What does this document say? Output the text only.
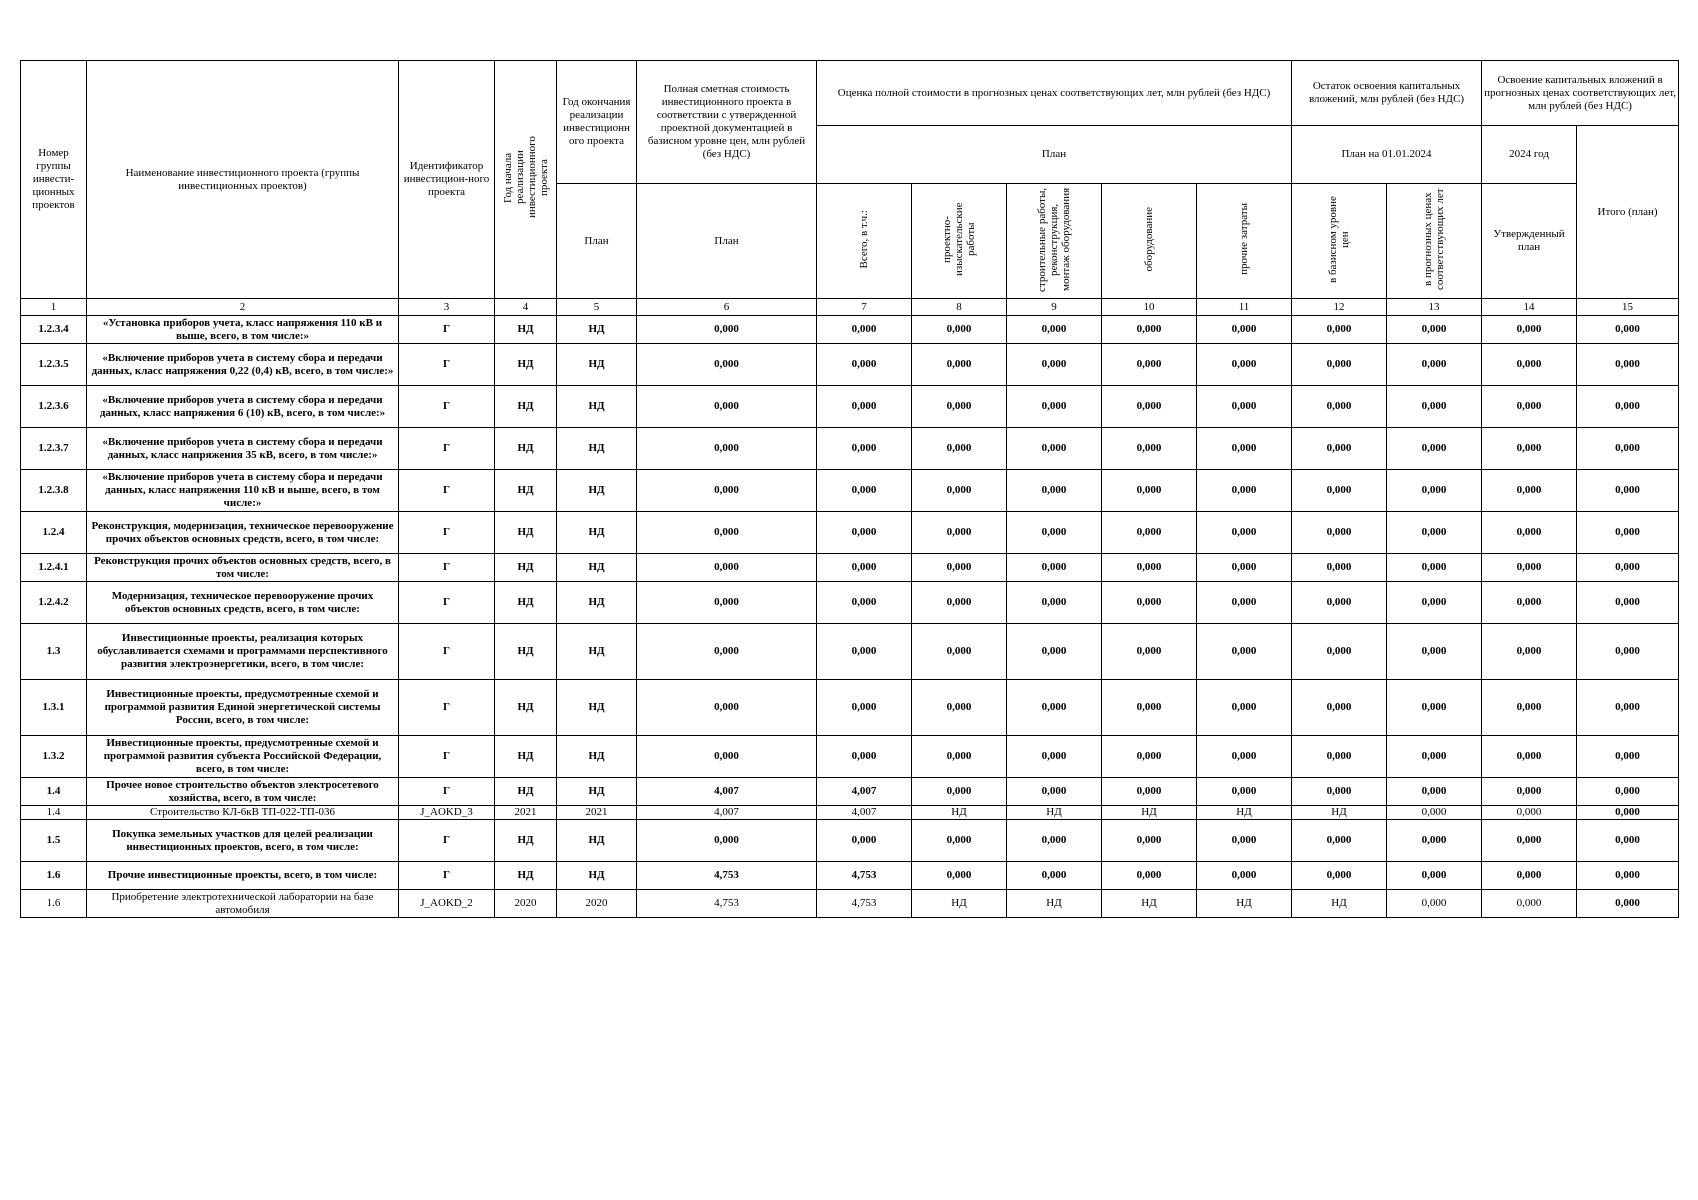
Номер группы инвести-ционных проектов	Наименование инвестиционного проекта (группы инвестиционных проектов)	Идентификатор инвестицион-ного проекта	Год начала реализации инвестиционного проекта	Год окончания реализации инвестиционн ого проекта	Полная сметная стоимость инвестиционного проекта в соответствии с утвержденной проектной документацией в базисном уровне цен, млн рублей (без НДС)	Оценка полной стоимости в прогнозных ценах соответствующих лет, млн рублей (без НДС)					Остаток освоения капитальных вложений, млн рублей (без НДС)		Освоение капитальных вложений в прогнозных ценах соответствующих лет, млн рублей (без НДС)	
						План					План на 01.01.2024		2024 год	Итого (план)
				План	План	Всего, в т.ч.:	проектно-изыскательские работы	строительные работы, реконструкция, монтаж оборудования	оборудование	прочие затраты	в базисном уровне цен	в прогнозных ценах соответствующих лет	Утвержденный план	
1	2	3	4	5	6	7	8	9	10	11	12	13	14	15
1.2.3.4	«Установка приборов учета, класс напряжения 110 кВ и выше, всего, в том числе:»	Г	НД	НД	0,000	0,000	0,000	0,000	0,000	0,000	0,000	0,000	0,000	0,000
1.2.3.5	«Включение приборов учета в систему сбора и передачи данных, класс напряжения 0,22 (0,4) кВ, всего, в том числе:»	Г	НД	НД	0,000	0,000	0,000	0,000	0,000	0,000	0,000	0,000	0,000	0,000
1.2.3.6	«Включение приборов учета в систему сбора и передачи данных, класс напряжения 6 (10) кВ, всего, в том числе:»	Г	НД	НД	0,000	0,000	0,000	0,000	0,000	0,000	0,000	0,000	0,000	0,000
1.2.3.7	«Включение приборов учета в систему сбора и передачи данных, класс напряжения 35 кВ, всего, в том числе:»	Г	НД	НД	0,000	0,000	0,000	0,000	0,000	0,000	0,000	0,000	0,000	0,000
1.2.3.8	«Включение приборов учета в систему сбора и передачи данных, класс напряжения 110 кВ и выше, всего, в том числе:»	Г	НД	НД	0,000	0,000	0,000	0,000	0,000	0,000	0,000	0,000	0,000	0,000
1.2.4	Реконструкция, модернизация, техническое перевооружение прочих объектов основных средств, всего, в том числе:	Г	НД	НД	0,000	0,000	0,000	0,000	0,000	0,000	0,000	0,000	0,000	0,000
1.2.4.1	Реконструкция прочих объектов основных средств, всего, в том числе:	Г	НД	НД	0,000	0,000	0,000	0,000	0,000	0,000	0,000	0,000	0,000	0,000
1.2.4.2	Модернизация, техническое перевооружение прочих объектов основных средств, всего, в том числе:	Г	НД	НД	0,000	0,000	0,000	0,000	0,000	0,000	0,000	0,000	0,000	0,000
1.3	Инвестиционные проекты, реализация которых обуславливается схемами и программами перспективного развития электроэнергетики, всего, в том числе:	Г	НД	НД	0,000	0,000	0,000	0,000	0,000	0,000	0,000	0,000	0,000	0,000
1.3.1	Инвестиционные проекты, предусмотренные схемой и программой развития Единой энергетической системы России, всего, в том числе:	Г	НД	НД	0,000	0,000	0,000	0,000	0,000	0,000	0,000	0,000	0,000	0,000
1.3.2	Инвестиционные проекты, предусмотренные схемой и программой развития субъекта Российской Федерации, всего, в том числе:	Г	НД	НД	0,000	0,000	0,000	0,000	0,000	0,000	0,000	0,000	0,000	0,000
1.4	Прочее новое строительство объектов электросетевого хозяйства, всего, в том числе:	Г	НД	НД	4,007	4,007	0,000	0,000	0,000	0,000	0,000	0,000	0,000	0,000
1.4	Строительство КЛ-6кВ ТП-022-ТП-036	J_AOKD_3	2021	2021	4,007	4,007	НД	НД	НД	НД	НД	0,000	0,000	0,000
1.5	Покупка земельных участков для целей реализации инвестиционных проектов, всего, в том числе:	Г	НД	НД	0,000	0,000	0,000	0,000	0,000	0,000	0,000	0,000	0,000	0,000
1.6	Прочие инвестиционные проекты, всего, в том числе:	Г	НД	НД	4,753	4,753	0,000	0,000	0,000	0,000	0,000	0,000	0,000	0,000
1.6	Приобретение электротехнической лаборатории на базе автомобиля	J_AOKD_2	2020	2020	4,753	4,753	НД	НД	НД	НД	НД	0,000	0,000	0,000
